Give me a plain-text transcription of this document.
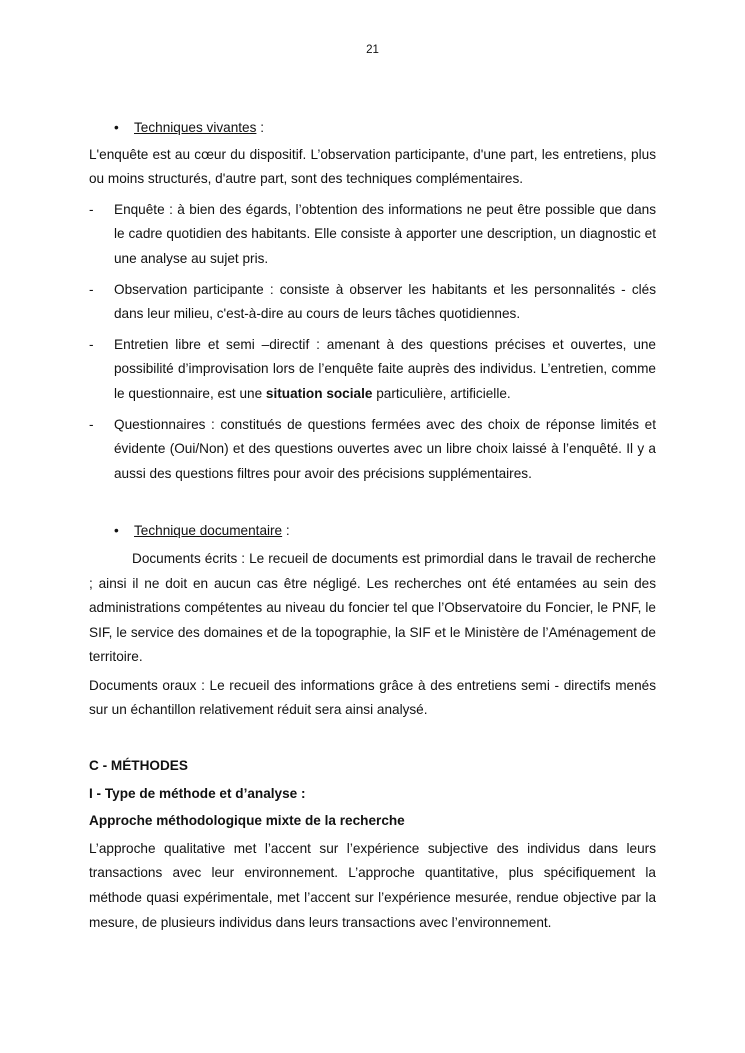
21
• Techniques vivantes :

L'enquête est au cœur du dispositif. L’observation participante, d'une part, les entretiens, plus ou moins structurés, d'autre part, sont des techniques complémentaires.

- Enquête : à bien des égards, l’obtention des informations ne peut être possible que dans le cadre quotidien des habitants. Elle consiste à apporter une description, un diagnostic et une analyse au sujet pris.
- Observation participante : consiste à observer les habitants et les personnalités - clés dans leur milieu, c'est-à-dire au cours de leurs tâches quotidiennes.
- Entretien libre et semi –directif : amenant à des questions précises et ouvertes, une possibilité d’improvisation lors de l’enquête faite auprès des individus. L’entretien, comme le questionnaire, est une situation sociale particulière, artificielle.
- Questionnaires : constitués de questions fermées avec des choix de réponse limités et évidente (Oui/Non) et des questions ouvertes avec un libre choix laissé à l’enquêté. Il y a aussi des questions filtres pour avoir des précisions supplémentaires.
• Technique documentaire :

Documents écrits : Le recueil de documents est primordial dans le travail de recherche ; ainsi il ne doit en aucun cas être négligé. Les recherches ont été entamées au sein des administrations compétentes au niveau du foncier tel que l’Observatoire du Foncier, le PNF, le SIF, le service des domaines et de la topographie, la SIF et le Ministère de l’Aménagement de territoire.

Documents oraux : Le recueil des informations grâce à des entretiens semi - directifs menés sur un échantillon relativement réduit sera ainsi analysé.

C - MÉTHODES

I - Type de méthode et d’analyse :

Approche méthodologique mixte de la recherche

L’approche qualitative met l’accent sur l’expérience subjective des individus dans leurs transactions avec leur environnement. L’approche quantitative, plus spécifiquement la méthode quasi expérimentale, met l’accent sur l’expérience mesurée, rendue objective par la mesure, de plusieurs individus dans leurs transactions avec l’environnement.
